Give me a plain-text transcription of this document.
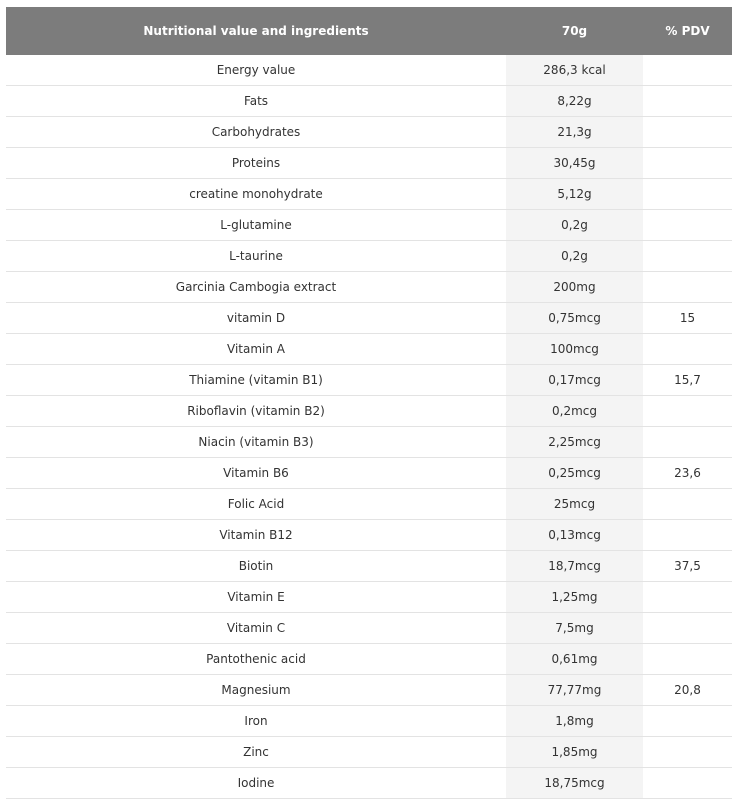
Nutritional value and ingredients	70g	% PDV
Energy value	286,3 kcal	
Fats	8,22g	
Carbohydrates	21,3g	
Proteins	30,45g	
creatine monohydrate	5,12g	
L-glutamine	0,2g	
L-taurine	0,2g	
Garcinia Cambogia extract	200mg	
vitamin D	0,75mcg	15
Vitamin A	100mcg	
Thiamine (vitamin B1)	0,17mcg	15,7
Riboflavin (vitamin B2)	0,2mcg	
Niacin (vitamin B3)	2,25mcg	
Vitamin B6	0,25mcg	23,6
Folic Acid	25mcg	
Vitamin B12	0,13mcg	
Biotin	18,7mcg	37,5
Vitamin E	1,25mg	
Vitamin C	7,5mg	
Pantothenic acid	0,61mg	
Magnesium	77,77mg	20,8
Iron	1,8mg	
Zinc	1,85mg	
Iodine	18,75mcg	
